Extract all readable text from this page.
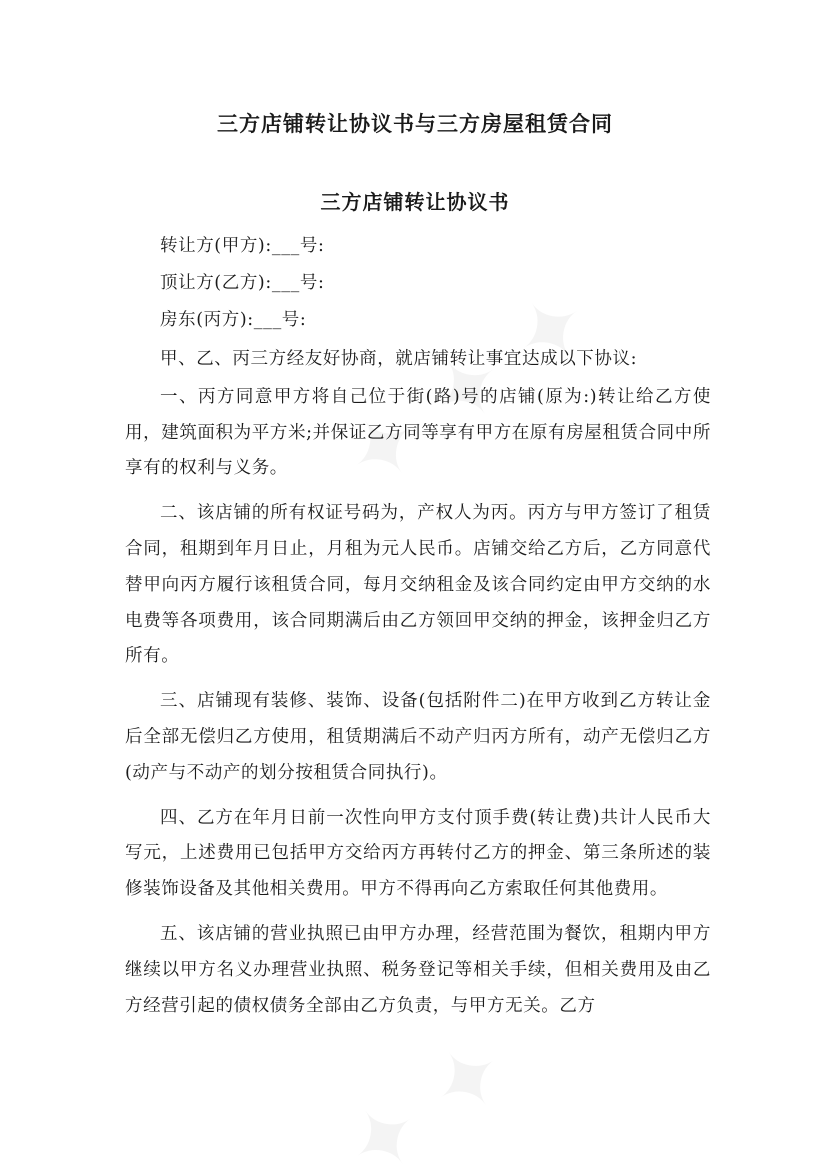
三方店铺转让协议书与三方房屋租赁合同
三方店铺转让协议书

转让方(甲方):___号:

顶让方(乙方):___号:

房东(丙方):___号:

甲、乙、丙三方经友好协商，就店铺转让事宜达成以下协议:

一、丙方同意甲方将自己位于街(路)号的店铺(原为:)转让给乙方使用，建筑面积为平方米;并保证乙方同等享有甲方在原有房屋租赁合同中所享有的权利与义务。

二、该店铺的所有权证号码为，产权人为丙。丙方与甲方签订了租赁合同，租期到年月日止，月租为元人民币。店铺交给乙方后，乙方同意代替甲向丙方履行该租赁合同，每月交纳租金及该合同约定由甲方交纳的水电费等各项费用，该合同期满后由乙方领回甲交纳的押金，该押金归乙方所有。

三、店铺现有装修、装饰、设备(包括附件二)在甲方收到乙方转让金后全部无偿归乙方使用，租赁期满后不动产归丙方所有，动产无偿归乙方(动产与不动产的划分按租赁合同执行)。

四、乙方在年月日前一次性向甲方支付顶手费(转让费)共计人民币大写元，上述费用已包括甲方交给丙方再转付乙方的押金、第三条所述的装修装饰设备及其他相关费用。甲方不得再向乙方索取任何其他费用。

五、该店铺的营业执照已由甲方办理，经营范围为餐饮，租期内甲方继续以甲方名义办理营业执照、税务登记等相关手续，但相关费用及由乙方经营引起的债权债务全部由乙方负责，与甲方无关。乙方
